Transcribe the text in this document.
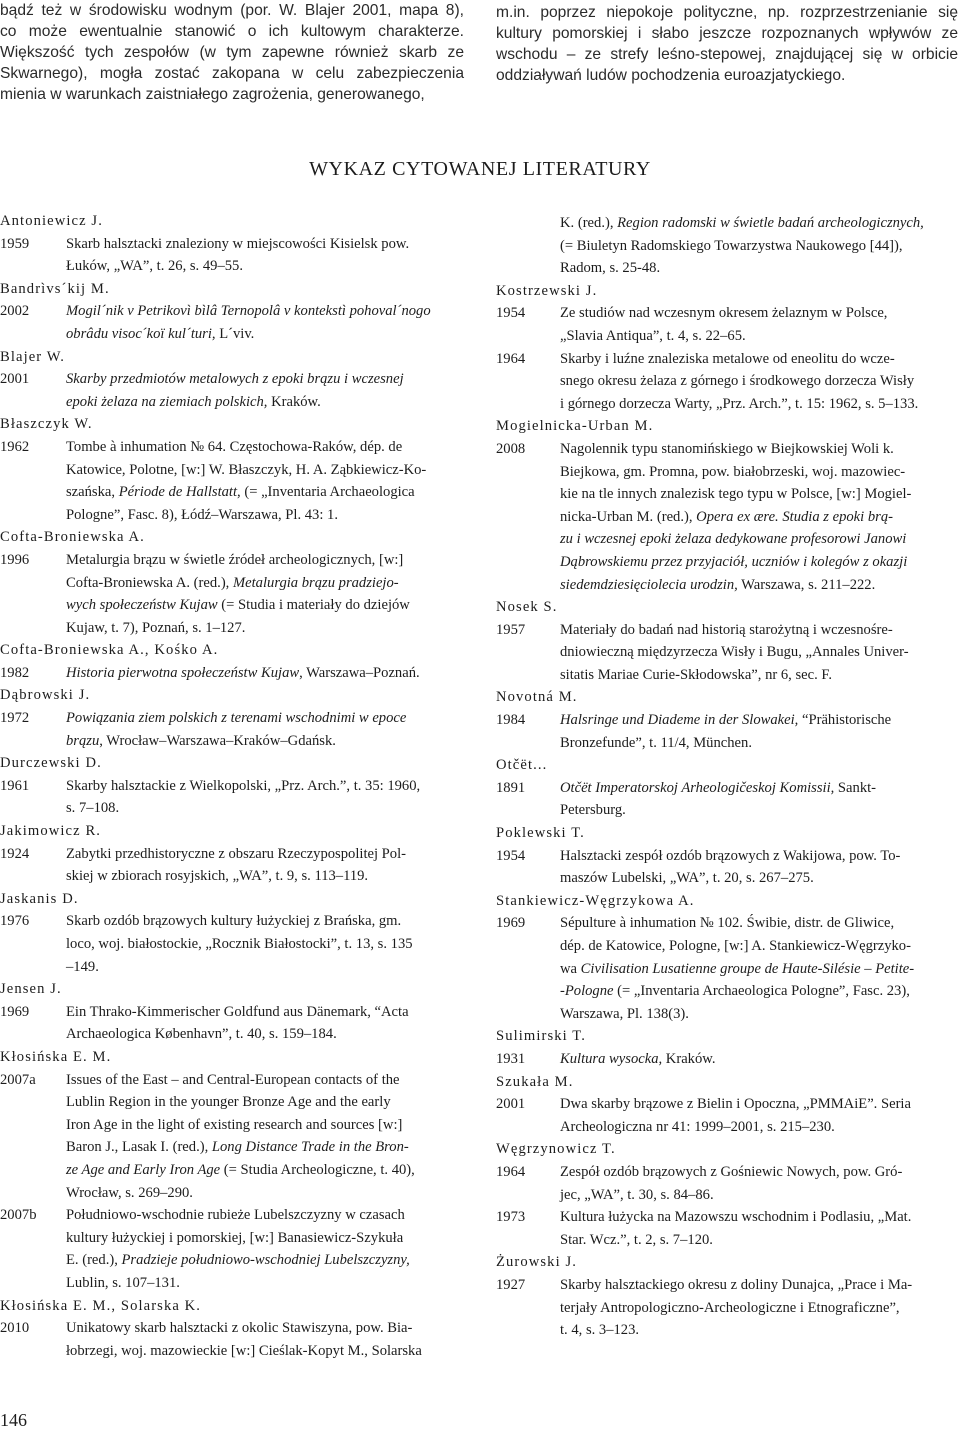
bądź też w środowisku wodnym (por. W. Blajer 2001, mapa 8),
co może ewentualnie stanowić o ich kultowym charakterze.
Większość tych zespołów (w tym zapewne również skarb ze
Skwarnego), mogła zostać zakopana w celu zabezpieczenia
mienia w warunkach zaistniałego zagrożenia, generowanego,
m.in. poprzez niepokoje polityczne, np. rozprzestrzenianie się
kultury pomorskiej i słabo jeszcze rozpoznanych wpływów ze
wschodu – ze strefy leśno-stepowej, znajdującej się w orbicie
oddziaływań ludów pochodzenia euroazjatyckiego.
WYKAZ CYTOWANEJ LITERATURY
Antoniewicz J.
1959	Skarb halsztacki znaleziony w miejscowości Kisielsk pow.
Łuków, „WA”, t. 26, s. 49–55.
Bandrìvs´kij M.
2002	Mogil´nik v Petrikovì bìlâ Ternopolâ v kontekstì pohoval´nogo
obrâdu visoc´koï kul´turi, L´viv.
Blajer W.
2001	Skarby przedmiotów metalowych z epoki brązu i wczesnej
epoki żelaza na ziemiach polskich, Kraków.
Błaszczyk W.
1962	Tombe à inhumation № 64. Częstochowa-Raków, dép. de
Katowice, Polotne, [w:] W. Błaszczyk, H. A. Ząbkiewicz-Ko-
szańska, Période de Hallstatt, (= „Inventaria Archaeologica
Pologne”, Fasc. 8), Łódź–Warszawa, Pl. 43: 1.
Cofta-Broniewska A.
1996	Metalurgia brązu w świetle źródeł archeologicznych, [w:]
Cofta-Broniewska A. (red.), Metalurgia brązu pradziejo-
wych społeczeństw Kujaw (= Studia i materiały do dziejów
Kujaw, t. 7), Poznań, s. 1–127.
Cofta-Broniewska A., Kośko A.
1982	Historia pierwotna społeczeństw Kujaw, Warszawa–Poznań.
Dąbrowski J.
1972	Powiązania ziem polskich z terenami wschodnimi w epoce
brązu, Wrocław–Warszawa–Kraków–Gdańsk.
Durczewski D.
1961	Skarby halsztackie z Wielkopolski, „Prz. Arch.”, t. 35: 1960,
s. 7–108.
Jakimowicz R.
1924	Zabytki przedhistoryczne z obszaru Rzeczypospolitej Pol-
skiej w zbiorach rosyjskich, „WA”, t. 9, s. 113–119.
Jaskanis D.
1976	Skarb ozdób brązowych kultury łużyckiej z Brańska, gm.
loco, woj. białostockie, „Rocznik Białostocki”, t. 13, s. 135
–149.
Jensen J.
1969	Ein Thrako-Kimmerischer Goldfund aus Dänemark, “Acta
Archaeologica København”, t. 40, s. 159–184.
Kłosińska E. M.
2007a	Issues of the East – and Central-European contacts of the
Lublin Region in the younger Bronze Age and the early
Iron Age in the light of existing research and sources [w:]
Baron J., Lasak I. (red.), Long Distance Trade in the Bron-
ze Age and Early Iron Age (= Studia Archeologiczne, t. 40),
Wrocław, s. 269–290.
2007b	Południowo-wschodnie rubieże Lubelszczyzny w czasach
kultury łużyckiej i pomorskiej, [w:] Banasiewicz-Szykuła
E. (red.), Pradzieje południowo-wschodniej Lubelszczyzny,
Lublin, s. 107–131.
Kłosińska E. M., Solarska K.
2010	Unikatowy skarb halsztacki z okolic Stawiszyna, pow. Bia-
łobrzegi, woj. mazowieckie [w:] Cieślak-Kopyt M., Solarska
K. (red.), Region radomski w świetle badań archeologicznych,
(= Biuletyn Radomskiego Towarzystwa Naukowego [44]),
Radom, s. 25-48.
Kostrzewski J.
1954	Ze studiów nad wczesnym okresem żelaznym w Polsce,
„Slavia Antiqua”, t. 4, s. 22–65.
1964	Skarby i luźne znaleziska metalowe od eneolitu do wcze-
snego okresu żelaza z górnego i środkowego dorzecza Wisły
i górnego dorzecza Warty, „Prz. Arch.”, t. 15: 1962, s. 5–133.
Mogielnicka-Urban M.
2008	Nagolennik typu stanomińskiego w Biejkowskiej Woli k.
Biejkowa, gm. Promna, pow. białobrzeski, woj. mazowiec-
kie na tle innych znalezisk tego typu w Polsce, [w:] Mogiel-
nicka-Urban M. (red.), Opera ex ære. Studia z epoki brą-
zu i wczesnej epoki żelaza dedykowane profesorowi Janowi
Dąbrowskiemu przez przyjaciół, uczniów i kolegów z okazji
siedemdziesięciolecia urodzin, Warszawa, s. 211–222.
Nosek S.
1957	Materiały do badań nad historią starożytną i wczesnośre-
dniowieczną międzyrzecza Wisły i Bugu, „Annales Univer-
sitatis Mariae Curie-Skłodowska”, nr 6, sec. F.
Novotná M.
1984	Halsringe und Diademe in der Slowakei, “Prähistorische
Bronzefunde”, t. 11/4, München.
Otčët...
1891	Otčët Imperatorskoj Arheologičeskoj Komissii, Sankt-
Petersburg.
Poklewski T.
1954	Halsztacki zespół ozdób brązowych z Wakijowa, pow. To-
maszów Lubelski, „WA”, t. 20, s. 267–275.
Stankiewicz-Węgrzykowa A.
1969	Sépulture à inhumation № 102. Świbie, distr. de Gliwice,
dép. de Katowice, Pologne, [w:] A. Stankiewicz-Węgrzyko-
wa Civilisation Lusatienne groupe de Haute-Silésie – Petite-
-Pologne (= „Inventaria Archaeologica Pologne”, Fasc. 23),
Warszawa, Pl. 138(3).
Sulimirski T.
1931	Kultura wysocka, Kraków.
Szukała M.
2001	Dwa skarby brązowe z Bielin i Opoczna, „PMMAiE”. Seria
Archeologiczna nr 41: 1999–2001, s. 215–230.
Węgrzynowicz T.
1964	Zespół ozdób brązowych z Gośniewic Nowych, pow. Gró-
jec, „WA”, t. 30, s. 84–86.
1973	Kultura łużycka na Mazowszu wschodnim i Podlasiu, „Mat.
Star. Wcz.”, t. 2, s. 7–120.
Żurowski J.
1927	Skarby halsztackiego okresu z doliny Dunajca, „Prace i Ma-
terjały Antropologiczno-Archeologiczne i Etnograficzne”,
t. 4, s. 3–123.
146
